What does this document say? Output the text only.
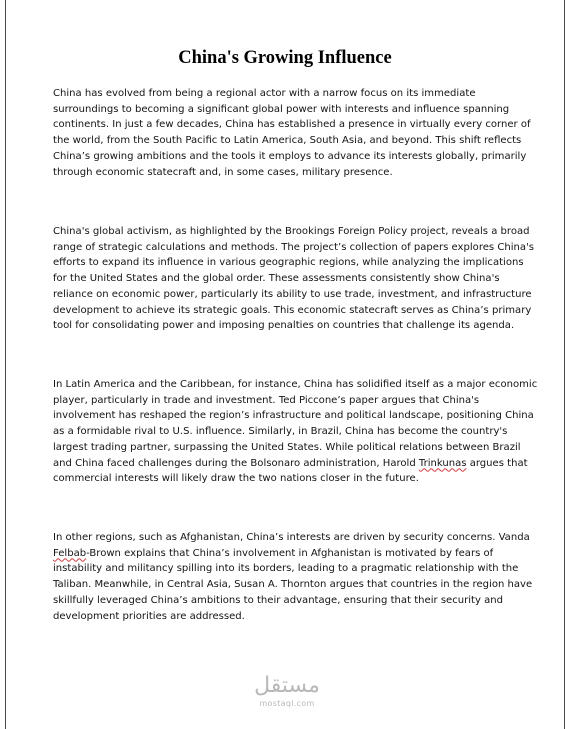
China's Growing Influence
China has evolved from being a regional actor with a narrow focus on its immediate
surroundings to becoming a significant global power with interests and influence spanning
continents. In just a few decades, China has established a presence in virtually every corner of
the world, from the South Pacific to Latin America, South Asia, and beyond. This shift reflects
China’s growing ambitions and the tools it employs to advance its interests globally, primarily
through economic statecraft and, in some cases, military presence.
China's global activism, as highlighted by the Brookings Foreign Policy project, reveals a broad
range of strategic calculations and methods. The project’s collection of papers explores China's
efforts to expand its influence in various geographic regions, while analyzing the implications
for the United States and the global order. These assessments consistently show China's
reliance on economic power, particularly its ability to use trade, investment, and infrastructure
development to achieve its strategic goals. This economic statecraft serves as China’s primary
tool for consolidating power and imposing penalties on countries that challenge its agenda.
In Latin America and the Caribbean, for instance, China has solidified itself as a major economic
player, particularly in trade and investment. Ted Piccone’s paper argues that China's
involvement has reshaped the region’s infrastructure and political landscape, positioning China
as a formidable rival to U.S. influence. Similarly, in Brazil, China has become the country's
largest trading partner, surpassing the United States. While political relations between Brazil
and China faced challenges during the Bolsonaro administration, Harold Trinkunas argues that
commercial interests will likely draw the two nations closer in the future.
In other regions, such as Afghanistan, China’s interests are driven by security concerns. Vanda
Felbab-Brown explains that China’s involvement in Afghanistan is motivated by fears of
instability and militancy spilling into its borders, leading to a pragmatic relationship with the
Taliban. Meanwhile, in Central Asia, Susan A. Thornton argues that countries in the region have
skillfully leveraged China’s ambitions to their advantage, ensuring that their security and
development priorities are addressed.
مستقل
mostaql.com
